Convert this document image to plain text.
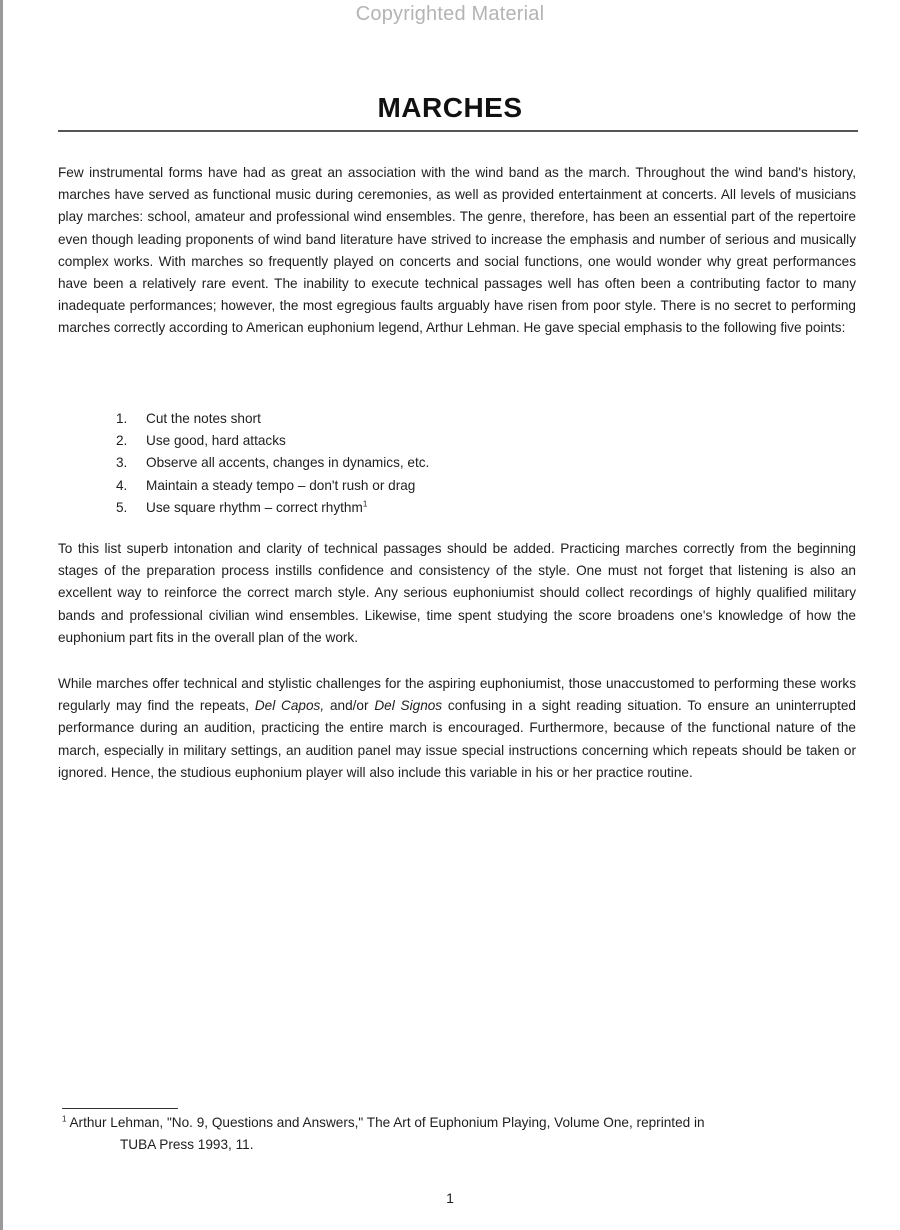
Copyrighted Material
MARCHES

Few instrumental forms have had as great an association with the wind band as the march. Throughout the wind band's history, marches have served as functional music during ceremonies, as well as provided entertainment at concerts. All levels of musicians play marches: school, amateur and professional wind ensembles. The genre, therefore, has been an essential part of the repertoire even though leading proponents of wind band literature have strived to increase the emphasis and number of serious and musically complex works. With marches so frequently played on concerts and social functions, one would wonder why great performances have been a relatively rare event. The inability to execute technical passages well has often been a contributing factor to many inadequate performances; however, the most egregious faults arguably have risen from poor style. There is no secret to performing marches correctly according to American euphonium legend, Arthur Lehman. He gave special emphasis to the following five points:

1.	Cut the notes short
2.	Use good, hard attacks
3.	Observe all accents, changes in dynamics, etc.
4.	Maintain a steady tempo – don't rush or drag
5.	Use square rhythm – correct rhythm$^1$

To this list superb intonation and clarity of technical passages should be added. Practicing marches correctly from the beginning stages of the preparation process instills confidence and consistency of the style. One must not forget that listening is also an excellent way to reinforce the correct march style. Any serious euphoniumist should collect recordings of highly qualified military bands and professional civilian wind ensembles. Likewise, time spent studying the score broadens one's knowledge of how the euphonium part fits in the overall plan of the work.

While marches offer technical and stylistic challenges for the aspiring euphoniumist, those unaccustomed to performing these works regularly may find the repeats, Del Capos, and/or Del Signos confusing in a sight reading situation. To ensure an uninterrupted performance during an audition, practicing the entire march is encouraged. Furthermore, because of the functional nature of the march, especially in military settings, an audition panel may issue special instructions concerning which repeats should be taken or ignored. Hence, the studious euphonium player will also include this variable in his or her practice routine.

$^1$ Arthur Lehman, "No. 9, Questions and Answers," The Art of Euphonium Playing, Volume One, reprinted in
TUBA Press 1993, 11.
1
